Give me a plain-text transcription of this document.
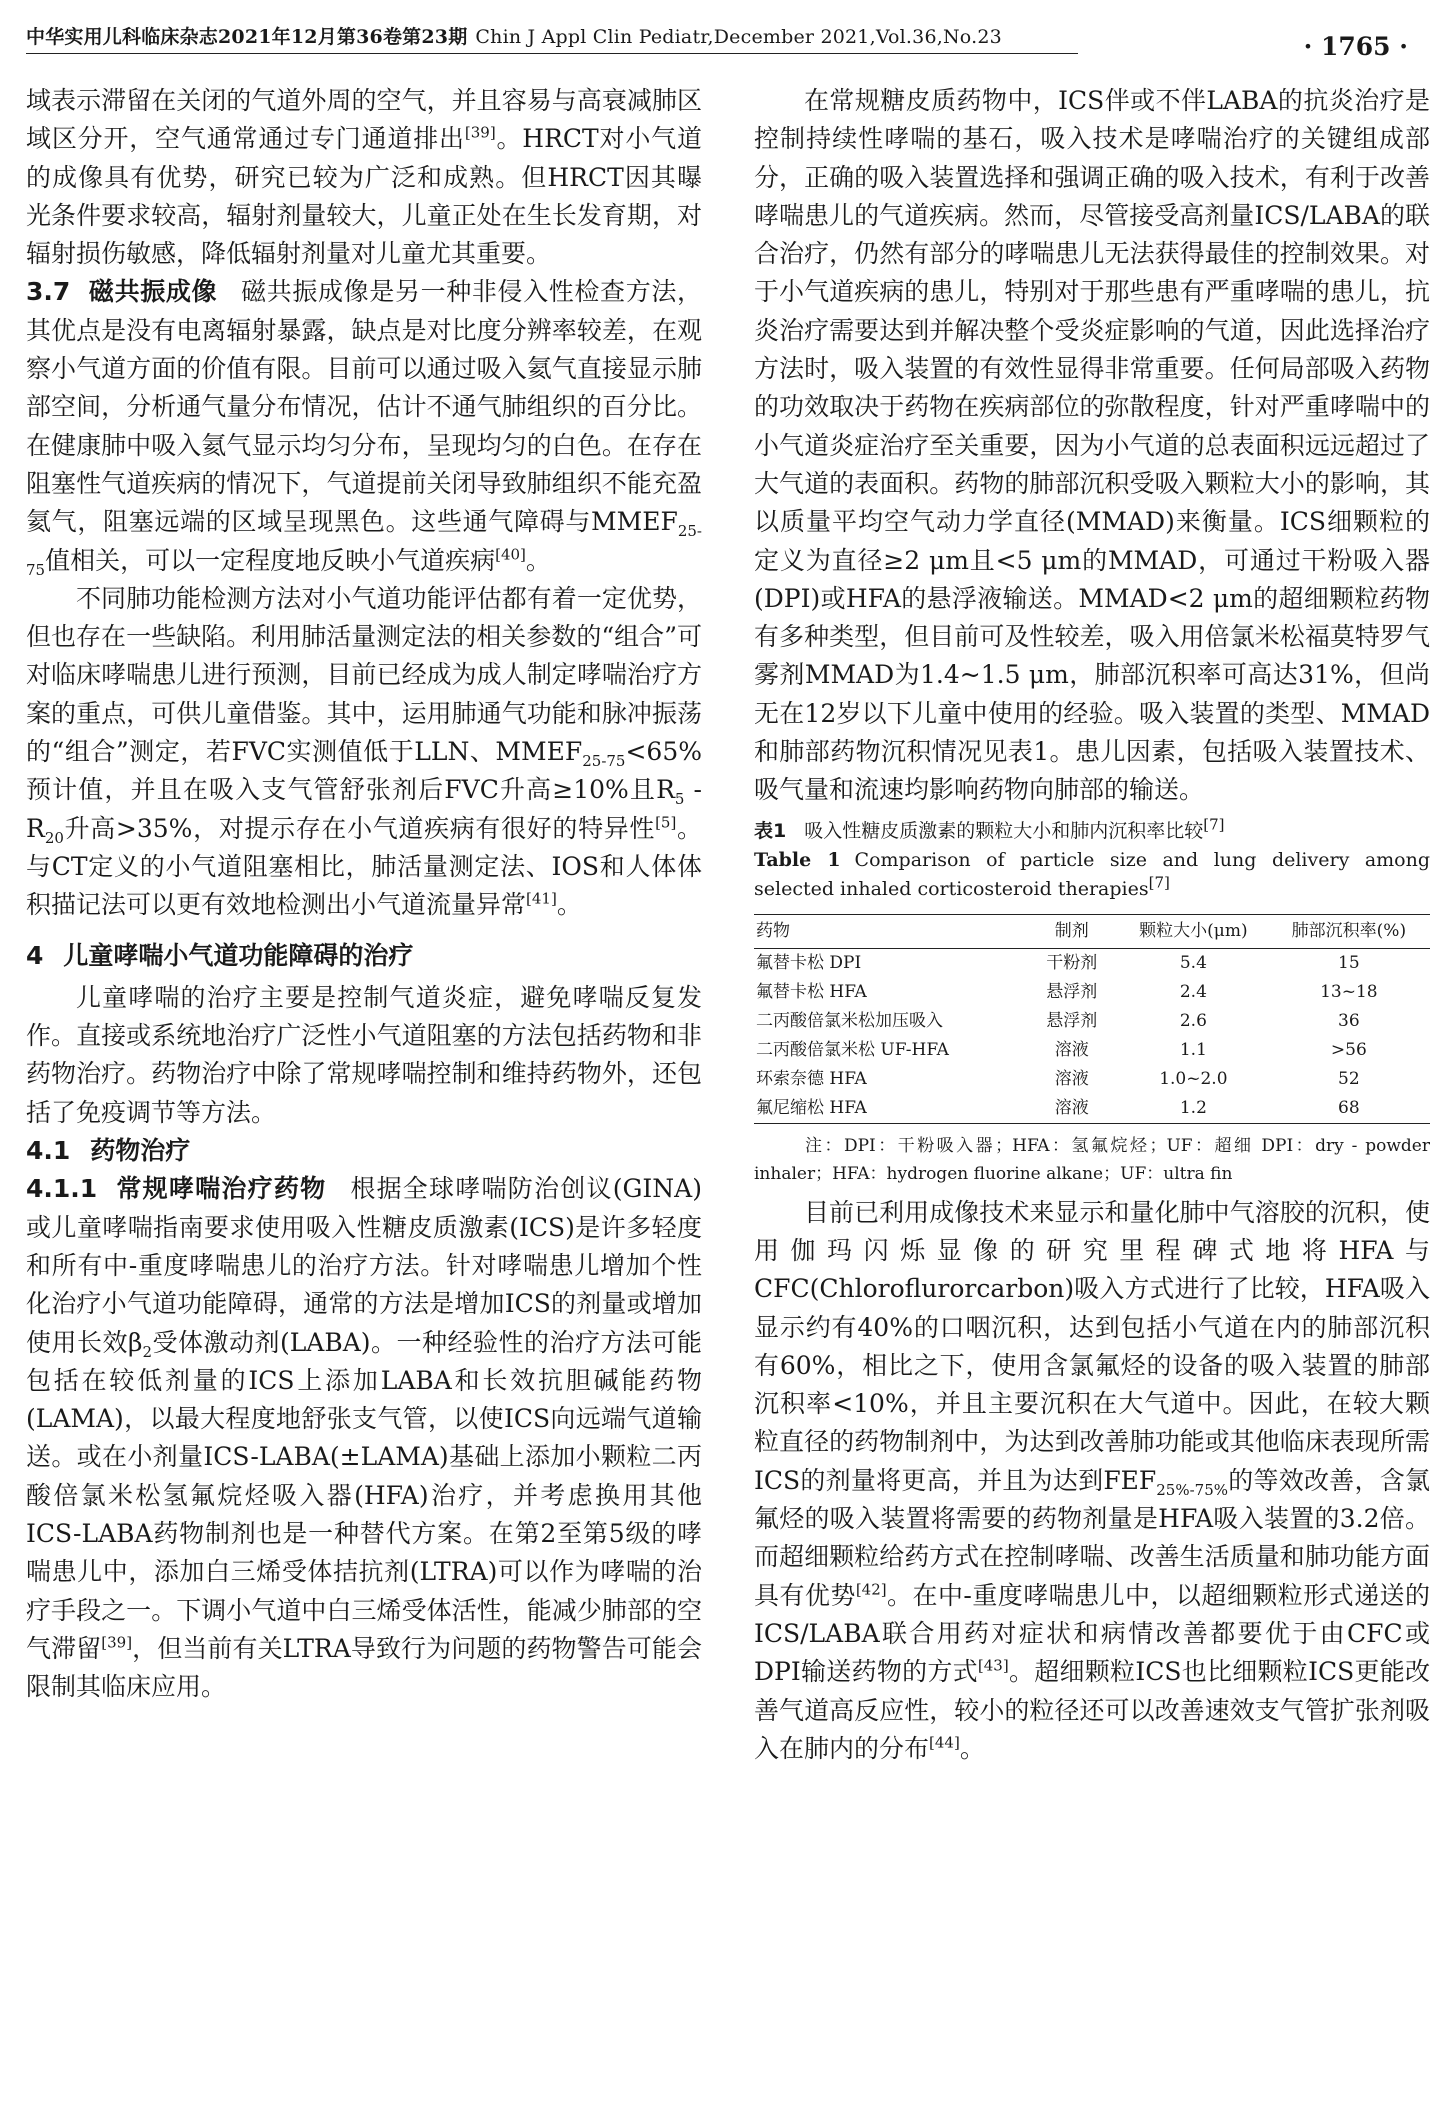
中华实用儿科临床杂志2021年12月第36卷第23期 Chin J Appl Clin Pediatr,December 2021,Vol.36,No.23	· 1765 ·

域表示滞留在关闭的气道外周的空气，并且容易与高衰减肺区域区分开，空气通常通过专门通道排出[39]。HRCT对小气道的成像具有优势，研究已较为广泛和成熟。但HRCT因其曝光条件要求较高，辐射剂量较大，儿童正处在生长发育期，对辐射损伤敏感，降低辐射剂量对儿童尤其重要。

3.7 磁共振成像 磁共振成像是另一种非侵入性检查方法，其优点是没有电离辐射暴露，缺点是对比度分辨率较差，在观察小气道方面的价值有限。目前可以通过吸入氦气直接显示肺部空间，分析通气量分布情况，估计不通气肺组织的百分比。在健康肺中吸入氦气显示均匀分布，呈现均匀的白色。在存在阻塞性气道疾病的情况下，气道提前关闭导致肺组织不能充盈氦气，阻塞远端的区域呈现黑色。这些通气障碍与$MMEF_{25-75}$值相关，可以一定程度地反映小气道疾病[40]。

不同肺功能检测方法对小气道功能评估都有着一定优势，但也存在一些缺陷。利用肺活量测定法的相关参数的“组合”可对临床哮喘患儿进行预测，目前已经成为成人制定哮喘治疗方案的重点，可供儿童借鉴。其中，运用肺通气功能和脉冲振荡的“组合”测定，若FVC实测值低于LLN、$MMEF_{25-75}<65\%$预计值，并且在吸入支气管舒张剂后FVC升高≥10%且$R_5 - R_{20}$升高>35%，对提示存在小气道疾病有很好的特异性[5]。与CT定义的小气道阻塞相比，肺活量测定法、IOS和人体体积描记法可以更有效地检测出小气道流量异常[41]。

4 儿童哮喘小气道功能障碍的治疗

儿童哮喘的治疗主要是控制气道炎症，避免哮喘反复发作。直接或系统地治疗广泛性小气道阻塞的方法包括药物和非药物治疗。药物治疗中除了常规哮喘控制和维持药物外，还包括了免疫调节等方法。

4.1 药物治疗

4.1.1 常规哮喘治疗药物 根据全球哮喘防治创议(GINA)或儿童哮喘指南要求使用吸入性糖皮质激素(ICS)是许多轻度和所有中-重度哮喘患儿的治疗方法。针对哮喘患儿增加个性化治疗小气道功能障碍，通常的方法是增加ICS的剂量或增加使用长效$\beta_2$受体激动剂(LABA)。一种经验性的治疗方法可能包括在较低剂量的ICS上添加LABA和长效抗胆碱能药物(LAMA)，以最大程度地舒张支气管，以使ICS向远端气道输送。或在小剂量ICS-LABA(±LAMA)基础上添加小颗粒二丙酸倍氯米松氢氟烷烃吸入器(HFA)治疗，并考虑换用其他ICS-LABA药物制剂也是一种替代方案。在第2至第5级的哮喘患儿中，添加白三烯受体拮抗剂(LTRA)可以作为哮喘的治疗手段之一。下调小气道中白三烯受体活性，能减少肺部的空气滞留[39]，但当前有关LTRA导致行为问题的药物警告可能会限制其临床应用。

在常规糖皮质药物中，ICS伴或不伴LABA的抗炎治疗是控制持续性哮喘的基石，吸入技术是哮喘治疗的关键组成部分，正确的吸入装置选择和强调正确的吸入技术，有利于改善哮喘患儿的气道疾病。然而，尽管接受高剂量ICS/LABA的联合治疗，仍然有部分的哮喘患儿无法获得最佳的控制效果。对于小气道疾病的患儿，特别对于那些患有严重哮喘的患儿，抗炎治疗需要达到并解决整个受炎症影响的气道，因此选择治疗方法时，吸入装置的有效性显得非常重要。任何局部吸入药物的功效取决于药物在疾病部位的弥散程度，针对严重哮喘中的小气道炎症治疗至关重要，因为小气道的总表面积远远超过了大气道的表面积。药物的肺部沉积受吸入颗粒大小的影响，其以质量平均空气动力学直径(MMAD)来衡量。ICS细颗粒的定义为直径≥2 μm且<5 μm的MMAD，可通过干粉吸入器(DPI)或HFA的悬浮液输送。MMAD<2 μm的超细颗粒药物有多种类型，但目前可及性较差，吸入用倍氯米松福莫特罗气雾剂MMAD为1.4~1.5 μm，肺部沉积率可高达31%，但尚无在12岁以下儿童中使用的经验。吸入装置的类型、MMAD和肺部药物沉积情况见表1。患儿因素，包括吸入装置技术、吸气量和流速均影响药物向肺部的输送。

表1 吸入性糖皮质激素的颗粒大小和肺内沉积率比较[7]

Table 1 Comparison of particle size and lung delivery among selected inhaled corticosteroid therapies[7]

药物	制剂	颗粒大小(μm)	肺部沉积率(%)
氟替卡松 DPI	干粉剂	5.4	15
氟替卡松 HFA	悬浮剂	2.4	13~18
二丙酸倍氯米松加压吸入	悬浮剂	2.6	36
二丙酸倍氯米松 UF-HFA	溶液	1.1	>56
环索奈德 HFA	溶液	1.0~2.0	52
氟尼缩松 HFA	溶液	1.2	68

注：DPI：干粉吸入器；HFA：氢氟烷烃；UF：超细 DPI：dry - powder inhaler；HFA：hydrogen fluorine alkane；UF：ultra fin

目前已利用成像技术来显示和量化肺中气溶胶的沉积，使用伽玛闪烁显像的研究里程碑式地将HFA与CFC(Chloroflurorcarbon)吸入方式进行了比较，HFA吸入显示约有40%的口咽沉积，达到包括小气道在内的肺部沉积有60%，相比之下，使用含氯氟烃的设备的吸入装置的肺部沉积率<10%，并且主要沉积在大气道中。因此，在较大颗粒直径的药物制剂中，为达到改善肺功能或其他临床表现所需ICS的剂量将更高，并且为达到$FEF_{25\%-75\%}$的等效改善，含氯氟烃的吸入装置将需要的药物剂量是HFA吸入装置的3.2倍。而超细颗粒给药方式在控制哮喘、改善生活质量和肺功能方面具有优势[42]。在中-重度哮喘患儿中，以超细颗粒形式递送的ICS/LABA联合用药对症状和病情改善都要优于由CFC或DPI输送药物的方式[43]。超细颗粒ICS也比细颗粒ICS更能改善气道高反应性，较小的粒径还可以改善速效支气管扩张剂吸入在肺内的分布[44]。
